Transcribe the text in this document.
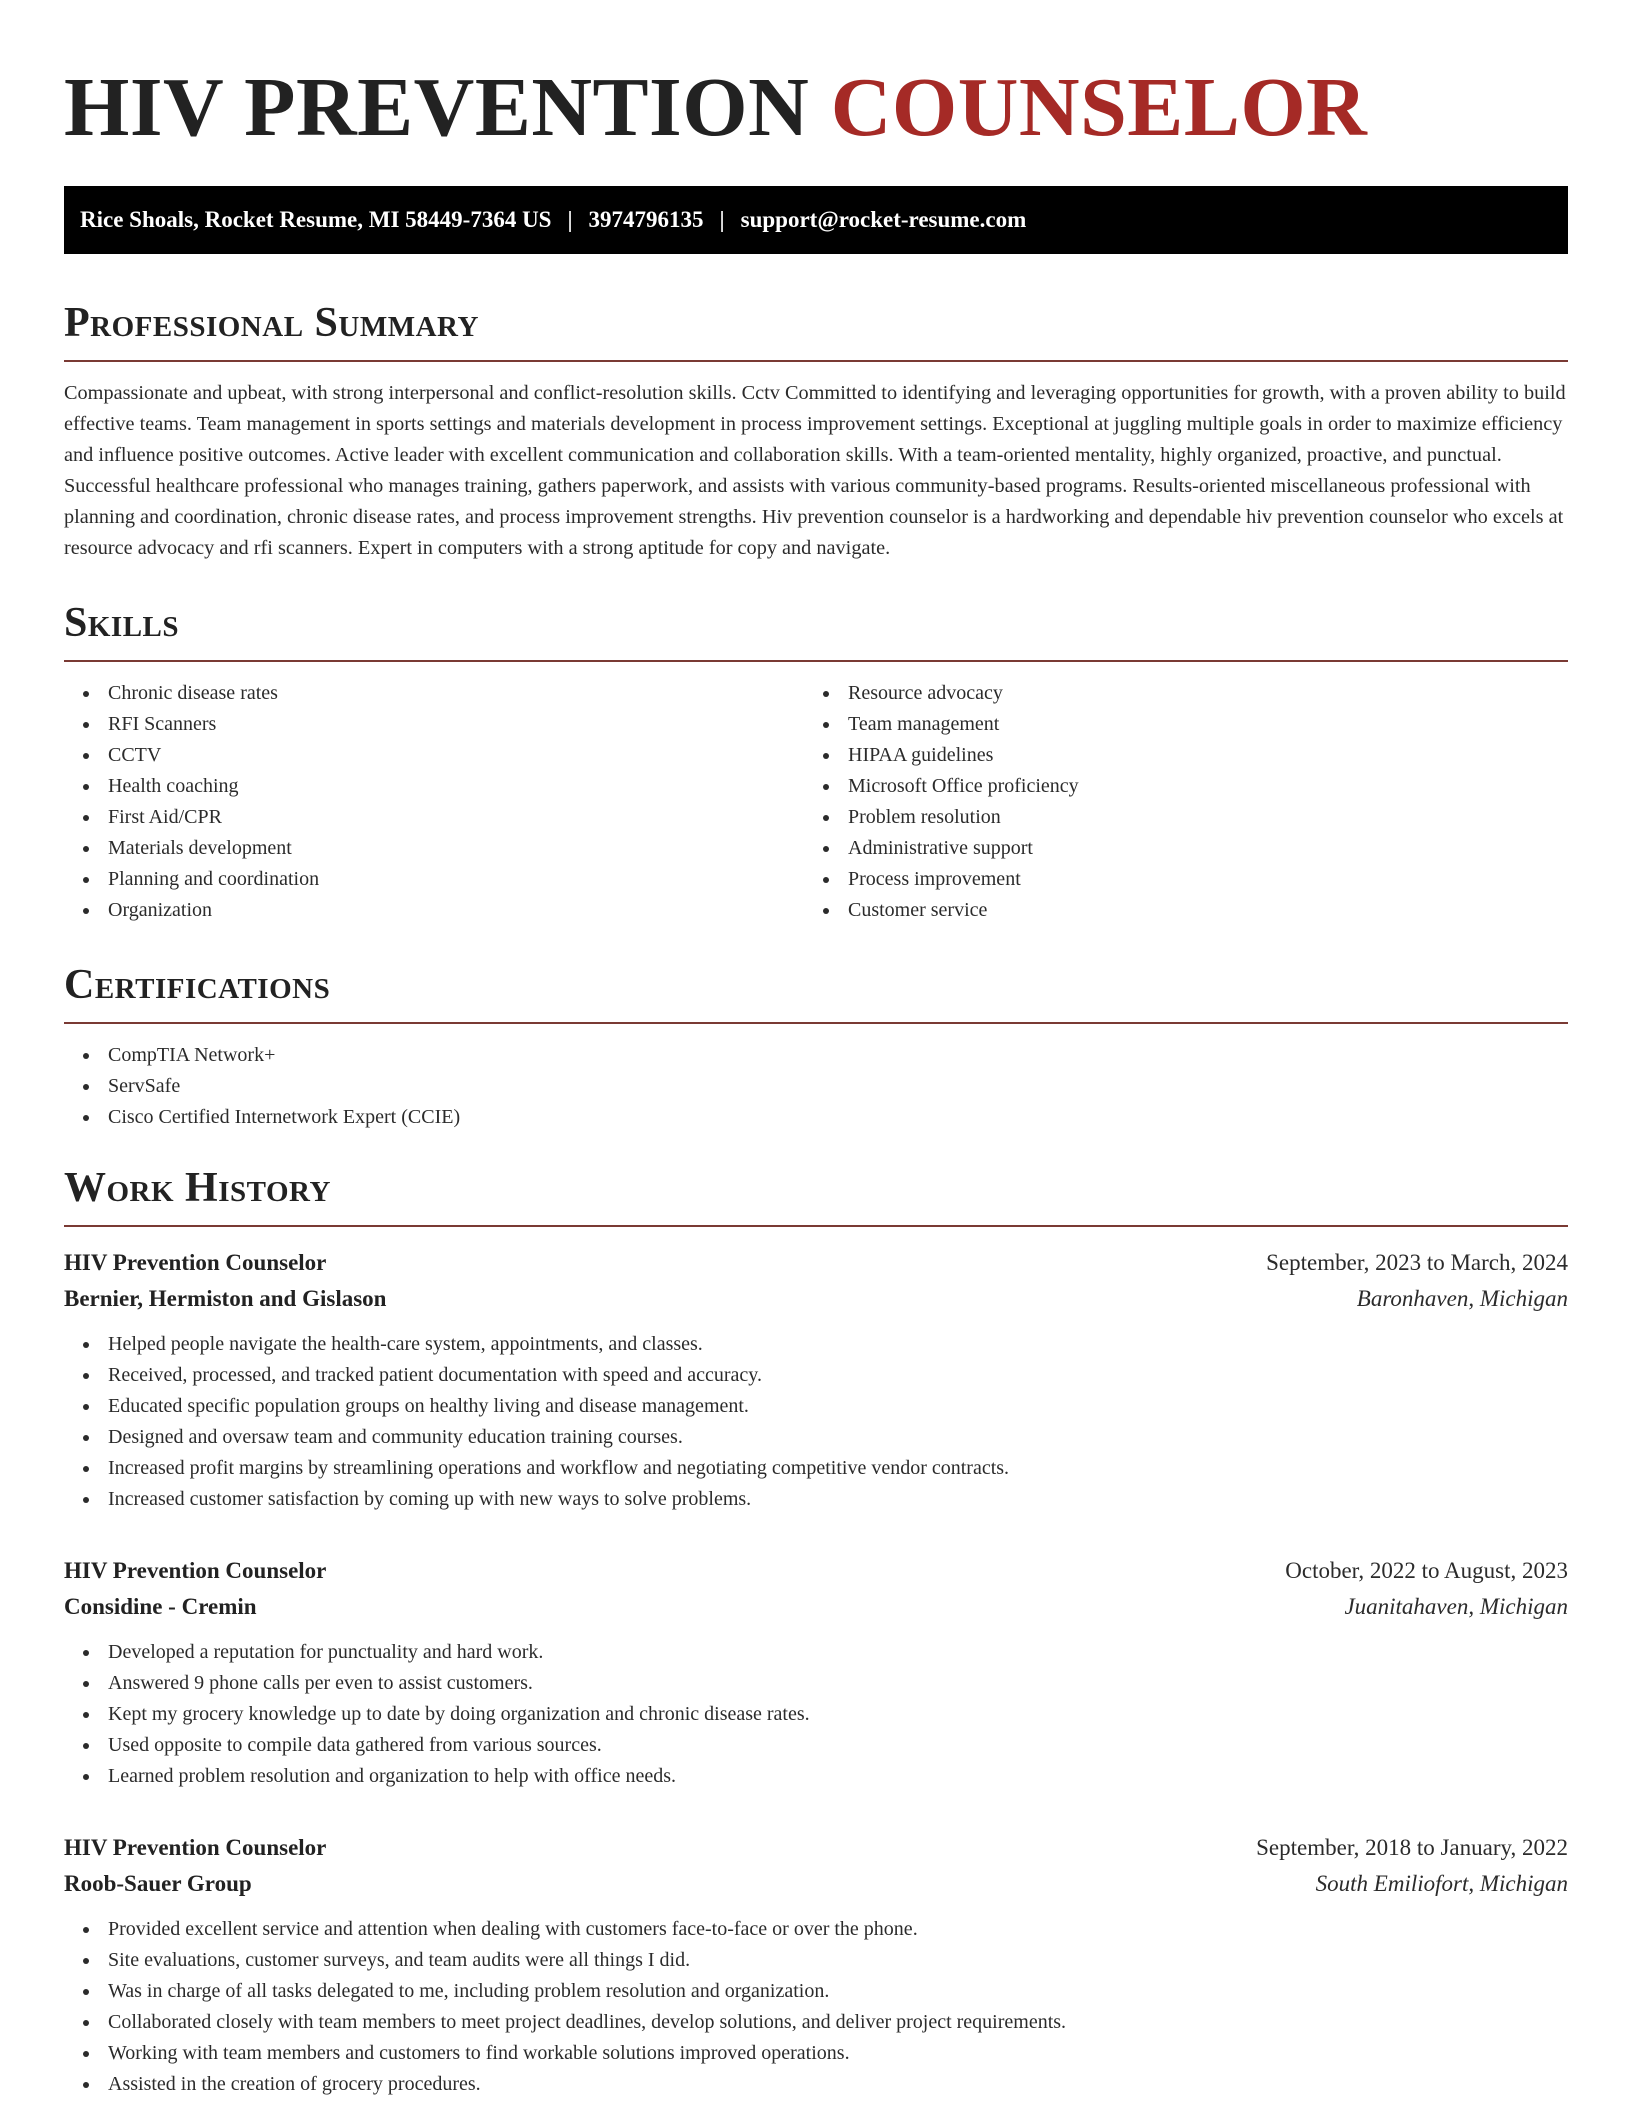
HIV PREVENTION COUNSELOR
Rice Shoals, Rocket Resume, MI 58449-7364 US | 3974796135 | support@rocket-resume.com
Professional Summary

Compassionate and upbeat, with strong interpersonal and conflict-resolution skills. Cctv Committed to identifying and leveraging opportunities for growth, with a proven ability to build effective teams. Team management in sports settings and materials development in process improvement settings. Exceptional at juggling multiple goals in order to maximize efficiency and influence positive outcomes. Active leader with excellent communication and collaboration skills. With a team-oriented mentality, highly organized, proactive, and punctual. Successful healthcare professional who manages training, gathers paperwork, and assists with various community-based programs. Results-oriented miscellaneous professional with planning and coordination, chronic disease rates, and process improvement strengths. Hiv prevention counselor is a hardworking and dependable hiv prevention counselor who excels at resource advocacy and rfi scanners. Expert in computers with a strong aptitude for copy and navigate.

Skills
Chronic disease rates
RFI Scanners
CCTV
Health coaching
First Aid/CPR
Materials development
Planning and coordination
Organization
Resource advocacy
Team management
HIPAA guidelines
Microsoft Office proficiency
Problem resolution
Administrative support
Process improvement
Customer service
Certifications
CompTIA Network+
ServSafe
Cisco Certified Internetwork Expert (CCIE)
Work History
HIV Prevention Counselor	September, 2023 to March, 2024
Bernier, Hermiston and Gislason	Baronhaven, Michigan
Helped people navigate the health-care system, appointments, and classes.
Received, processed, and tracked patient documentation with speed and accuracy.
Educated specific population groups on healthy living and disease management.
Designed and oversaw team and community education training courses.
Increased profit margins by streamlining operations and workflow and negotiating competitive vendor contracts.
Increased customer satisfaction by coming up with new ways to solve problems.
HIV Prevention Counselor	October, 2022 to August, 2023
Considine - Cremin	Juanitahaven, Michigan
Developed a reputation for punctuality and hard work.
Answered 9 phone calls per even to assist customers.
Kept my grocery knowledge up to date by doing organization and chronic disease rates.
Used opposite to compile data gathered from various sources.
Learned problem resolution and organization to help with office needs.
HIV Prevention Counselor	September, 2018 to January, 2022
Roob-Sauer Group	South Emiliofort, Michigan
Provided excellent service and attention when dealing with customers face-to-face or over the phone.
Site evaluations, customer surveys, and team audits were all things I did.
Was in charge of all tasks delegated to me, including problem resolution and organization.
Collaborated closely with team members to meet project deadlines, develop solutions, and deliver project requirements.
Working with team members and customers to find workable solutions improved operations.
Assisted in the creation of grocery procedures.
